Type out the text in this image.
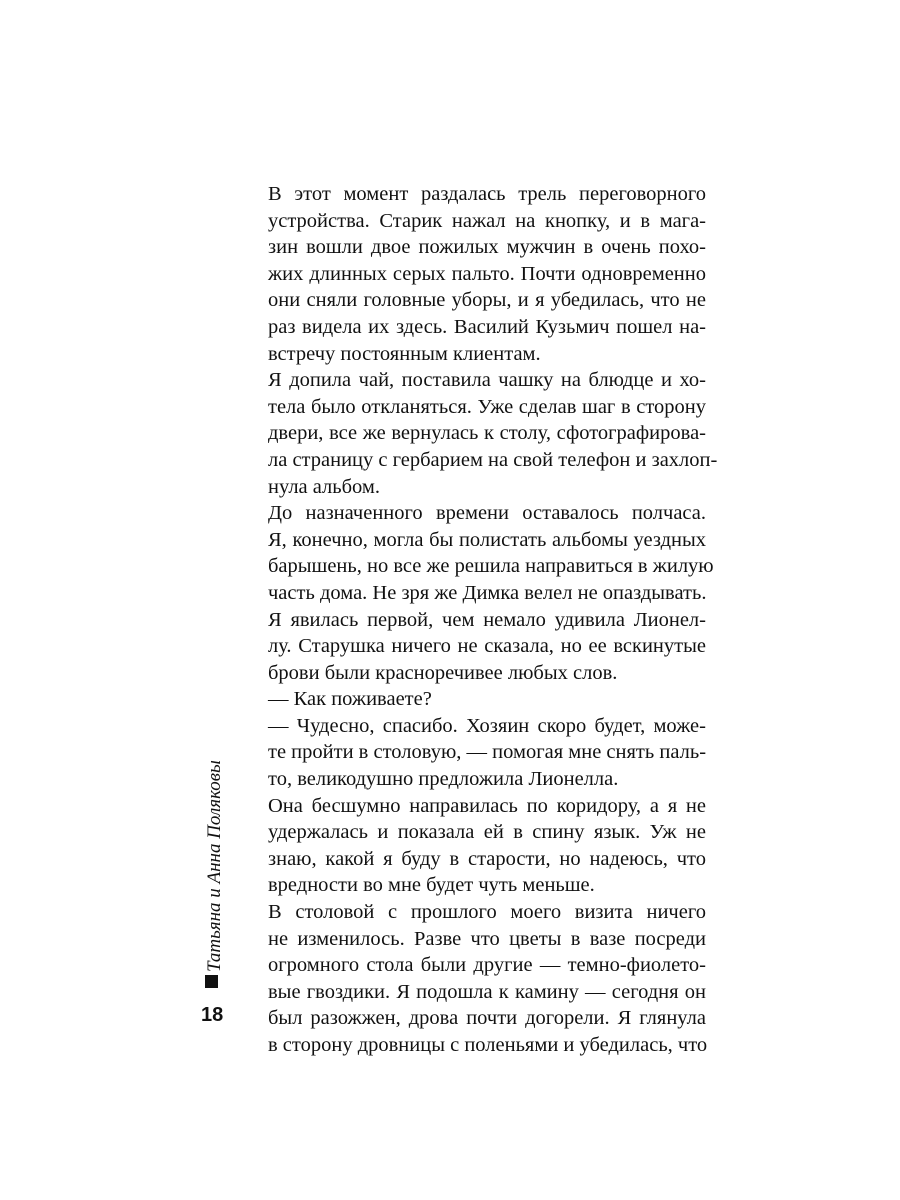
В этот момент раздалась трель переговорного
устройства. Старик нажал на кнопку, и в мага-
зин вошли двое пожилых мужчин в очень похо-
жих длинных серых пальто. Почти одновременно
они сняли головные уборы, и я убедилась, что не
раз видела их здесь. Василий Кузьмич пошел на-
встречу постоянным клиентам.

Я допила чай, поставила чашку на блюдце и хо-
тела было откланяться. Уже сделав шаг в сторону
двери, все же вернулась к столу, сфотографирова-
ла страницу с гербарием на свой телефон и захлоп-
нула альбом.

До назначенного времени оставалось полчаса.
Я, конечно, могла бы полистать альбомы уездных
барышень, но все же решила направиться в жилую
часть дома. Не зря же Димка велел не опаздывать.

Я явилась первой, чем немало удивила Лионел-
лу. Старушка ничего не сказала, но ее вскинутые
брови были красноречивее любых слов.

— Как поживаете?

— Чудесно, спасибо. Хозяин скоро будет, може-
те пройти в столовую, — помогая мне снять паль-
то, великодушно предложила Лионелла.

Она бесшумно направилась по коридору, а я не
удержалась и показала ей в спину язык. Уж не
знаю, какой я буду в старости, но надеюсь, что
вредности во мне будет чуть меньше.

В столовой с прошлого моего визита ничего
не изменилось. Разве что цветы в вазе посреди
огромного стола были другие — темно-фиолето-
вые гвоздики. Я подошла к камину — сегодня он
был разожжен, дрова почти догорели. Я глянула
в сторону дровницы с поленьями и убедилась, что

Татьяна и Анна Поляковы
18
